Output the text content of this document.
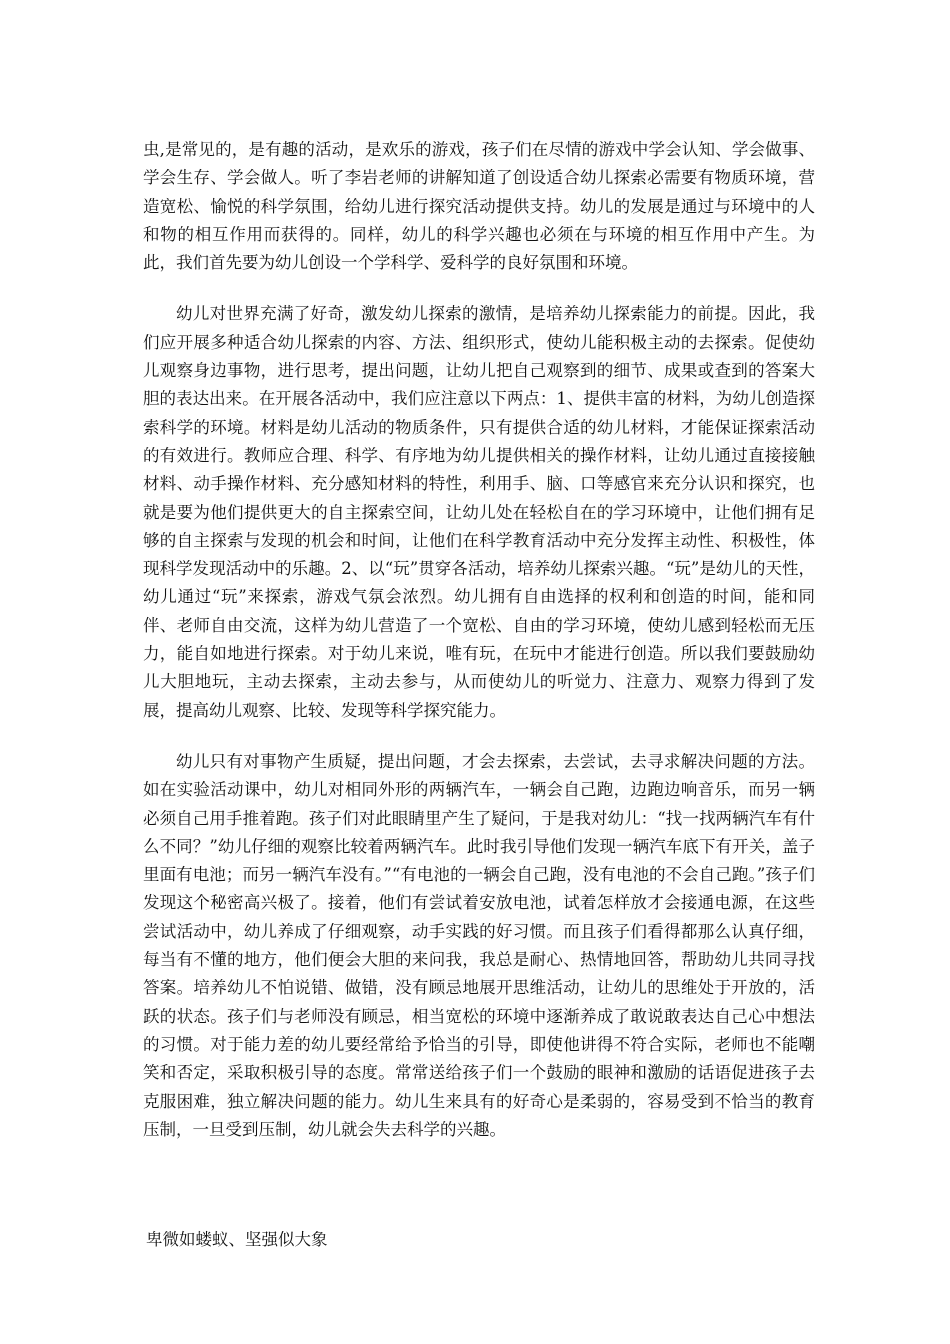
虫,是常见的，是有趣的活动，是欢乐的游戏，孩子们在尽情的游戏中学会认知、学会做事、学会生存、学会做人。听了李岩老师的讲解知道了创设适合幼儿探索必需要有物质环境，营造宽松、愉悦的科学氛围，给幼儿进行探究活动提供支持。幼儿的发展是通过与环境中的人和物的相互作用而获得的。同样，幼儿的科学兴趣也必须在与环境的相互作用中产生。为此，我们首先要为幼儿创设一个学科学、爱科学的良好氛围和环境。

幼儿对世界充满了好奇，激发幼儿探索的激情，是培养幼儿探索能力的前提。因此，我们应开展多种适合幼儿探索的内容、方法、组织形式，使幼儿能积极主动的去探索。促使幼儿观察身边事物，进行思考，提出问题，让幼儿把自己观察到的细节、成果或查到的答案大胆的表达出来。在开展各活动中，我们应注意以下两点：1、提供丰富的材料，为幼儿创造探索科学的环境。材料是幼儿活动的物质条件，只有提供合适的幼儿材料，才能保证探索活动的有效进行。教师应合理、科学、有序地为幼儿提供相关的操作材料，让幼儿通过直接接触材料、动手操作材料、充分感知材料的特性，利用手、脑、口等感官来充分认识和探究，也就是要为他们提供更大的自主探索空间，让幼儿处在轻松自在的学习环境中，让他们拥有足够的自主探索与发现的机会和时间，让他们在科学教育活动中充分发挥主动性、积极性，体现科学发现活动中的乐趣。2、以“玩”贯穿各活动，培养幼儿探索兴趣。“玩”是幼儿的天性，幼儿通过“玩”来探索，游戏气氛会浓烈。幼儿拥有自由选择的权利和创造的时间，能和同伴、老师自由交流，这样为幼儿营造了一个宽松、自由的学习环境，使幼儿感到轻松而无压力，能自如地进行探索。对于幼儿来说，唯有玩，在玩中才能进行创造。所以我们要鼓励幼儿大胆地玩，主动去探索，主动去参与，从而使幼儿的听觉力、注意力、观察力得到了发展，提高幼儿观察、比较、发现等科学探究能力。

幼儿只有对事物产生质疑，提出问题，才会去探索，去尝试，去寻求解决问题的方法。如在实验活动课中，幼儿对相同外形的两辆汽车，一辆会自己跑，边跑边响音乐，而另一辆必须自己用手推着跑。孩子们对此眼睛里产生了疑问，于是我对幼儿：“找一找两辆汽车有什么不同？”幼儿仔细的观察比较着两辆汽车。此时我引导他们发现一辆汽车底下有开关，盖子里面有电池；而另一辆汽车没有。”“有电池的一辆会自己跑，没有电池的不会自己跑。”孩子们发现这个秘密高兴极了。接着，他们有尝试着安放电池，试着怎样放才会接通电源，在这些尝试活动中，幼儿养成了仔细观察，动手实践的好习惯。而且孩子们看得都那么认真仔细，每当有不懂的地方，他们便会大胆的来问我，我总是耐心、热情地回答，帮助幼儿共同寻找答案。培养幼儿不怕说错、做错，没有顾忌地展开思维活动，让幼儿的思维处于开放的，活跃的状态。孩子们与老师没有顾忌，相当宽松的环境中逐渐养成了敢说敢表达自己心中想法的习惯。对于能力差的幼儿要经常给予恰当的引导，即使他讲得不符合实际，老师也不能嘲笑和否定，采取积极引导的态度。常常送给孩子们一个鼓励的眼神和激励的话语促进孩子去克服困难，独立解决问题的能力。幼儿生来具有的好奇心是柔弱的，容易受到不恰当的教育压制，一旦受到压制，幼儿就会失去科学的兴趣。

卑微如蝼蚁、坚强似大象
